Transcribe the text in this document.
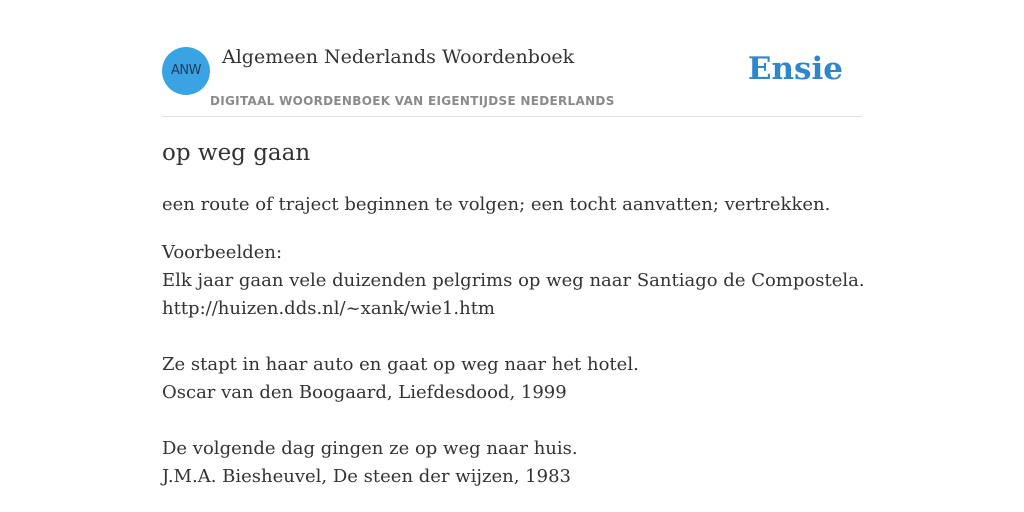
ANW
Algemeen Nederlands Woordenboek
DIGITAAL WOORDENBOEK VAN EIGENTIJDSE NEDERLANDS
Ensie
op weg gaan
een route of traject beginnen te volgen; een tocht aanvatten; vertrekken.
Voorbeelden:
Elk jaar gaan vele duizenden pelgrims op weg naar Santiago de Compostela.
http://huizen.dds.nl/~xank/wie1.htm
Ze stapt in haar auto en gaat op weg naar het hotel.
Oscar van den Boogaard, Liefdesdood, 1999
De volgende dag gingen ze op weg naar huis.
J.M.A. Biesheuvel, De steen der wijzen, 1983
